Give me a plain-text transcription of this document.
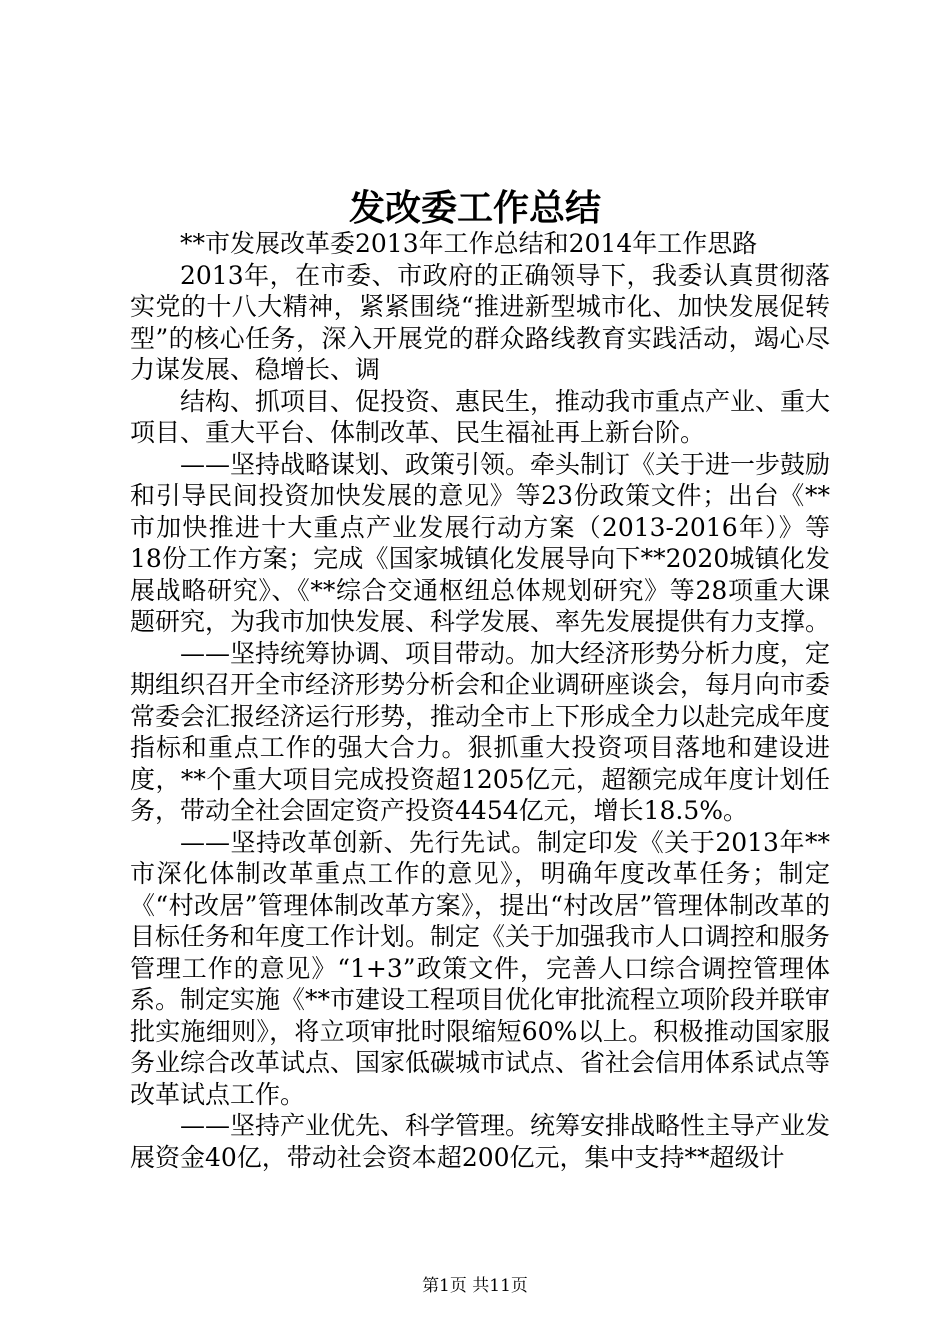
发改委工作总结

**市发展改革委2013年工作总结和2014年工作思路

2013年，在市委、市政府的正确领导下，我委认真贯彻落实党的十八大精神，紧紧围绕“推进新型城市化、加快发展促转型”的核心任务，深入开展党的群众路线教育实践活动，竭心尽力谋发展、稳增长、调

结构、抓项目、促投资、惠民生，推动我市重点产业、重大项目、重大平台、体制改革、民生福祉再上新台阶。

——坚持战略谋划、政策引领。牵头制订《关于进一步鼓励和引导民间投资加快发展的意见》等23份政策文件；出台《**市加快推进十大重点产业发展行动方案（2013-2016年）》等18份工作方案；完成《国家城镇化发展导向下**2020城镇化发展战略研究》、《**综合交通枢纽总体规划研究》等28项重大课题研究，为我市加快发展、科学发展、率先发展提供有力支撑。

——坚持统筹协调、项目带动。加大经济形势分析力度，定期组织召开全市经济形势分析会和企业调研座谈会，每月向市委常委会汇报经济运行形势，推动全市上下形成全力以赴完成年度指标和重点工作的强大合力。狠抓重大投资项目落地和建设进度，**个重大项目完成投资超1205亿元，超额完成年度计划任务，带动全社会固定资产投资4454亿元，增长18.5%。

——坚持改革创新、先行先试。制定印发《关于2013年**市深化体制改革重点工作的意见》，明确年度改革任务；制定《“村改居”管理体制改革方案》，提出“村改居”管理体制改革的目标任务和年度工作计划。制定《关于加强我市人口调控和服务管理工作的意见》“1+3”政策文件，完善人口综合调控管理体系。制定实施《**市建设工程项目优化审批流程立项阶段并联审批实施细则》，将立项审批时限缩短60%以上。积极推动国家服务业综合改革试点、国家低碳城市试点、省社会信用体系试点等改革试点工作。

——坚持产业优先、科学管理。统筹安排战略性主导产业发展资金40亿，带动社会资本超200亿元，集中支持**超级计

第1页 共11页
